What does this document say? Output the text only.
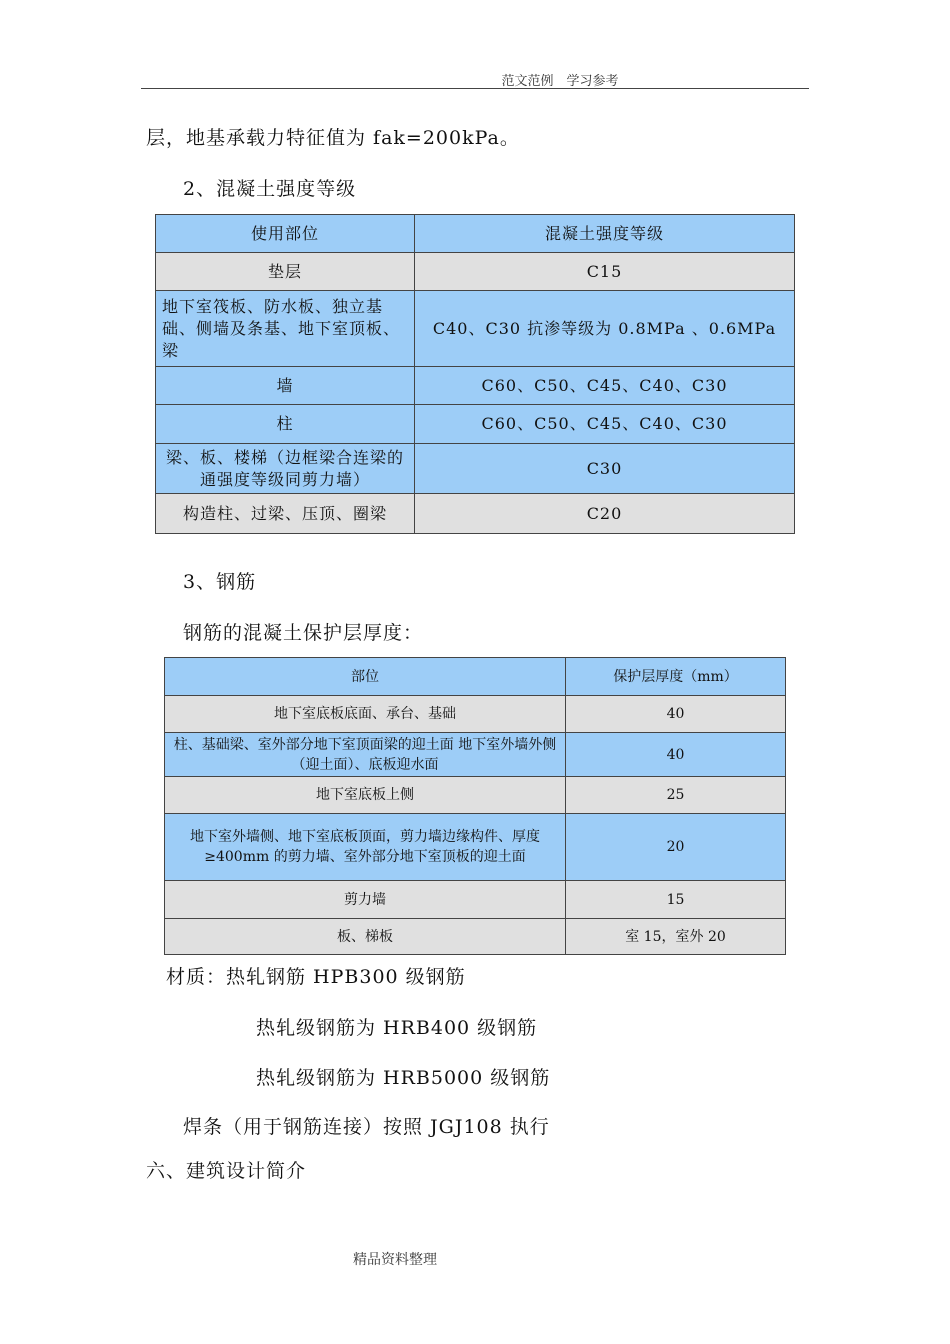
范文范例　学习参考
层，地基承载力特征值为 fak=200kPa。
2、混凝土强度等级
使用部位	混凝土强度等级
垫层	C15
地下室筏板、防水板、独立基础、侧墙及条基、地下室顶板、梁	C40、C30 抗渗等级为 0.8MPa 、0.6MPa
墙	C60、C50、C45、C40、C30
柱	C60、C50、C45、C40、C30
梁、板、楼梯（边框梁合连梁的通强度等级同剪力墙）	C30
构造柱、过梁、压顶、圈梁	C20
3、钢筋
钢筋的混凝土保护层厚度：
部位	保护层厚度（mm）
地下室底板底面、承台、基础	40
柱、基础梁、室外部分地下室顶面梁的迎土面 地下室外墙外侧（迎土面）、底板迎水面	40
地下室底板上侧	25
地下室外墙侧、地下室底板顶面，剪力墙边缘构件、厚度≥400mm 的剪力墙、室外部分地下室顶板的迎土面	20
剪力墙	15
板、梯板	室 15，室外 20
材质：热轧钢筋 HPB300 级钢筋
热轧级钢筋为 HRB400 级钢筋
热轧级钢筋为 HRB5000 级钢筋
焊条（用于钢筋连接）按照 JGJ108 执行
六、建筑设计简介
精品资料整理
